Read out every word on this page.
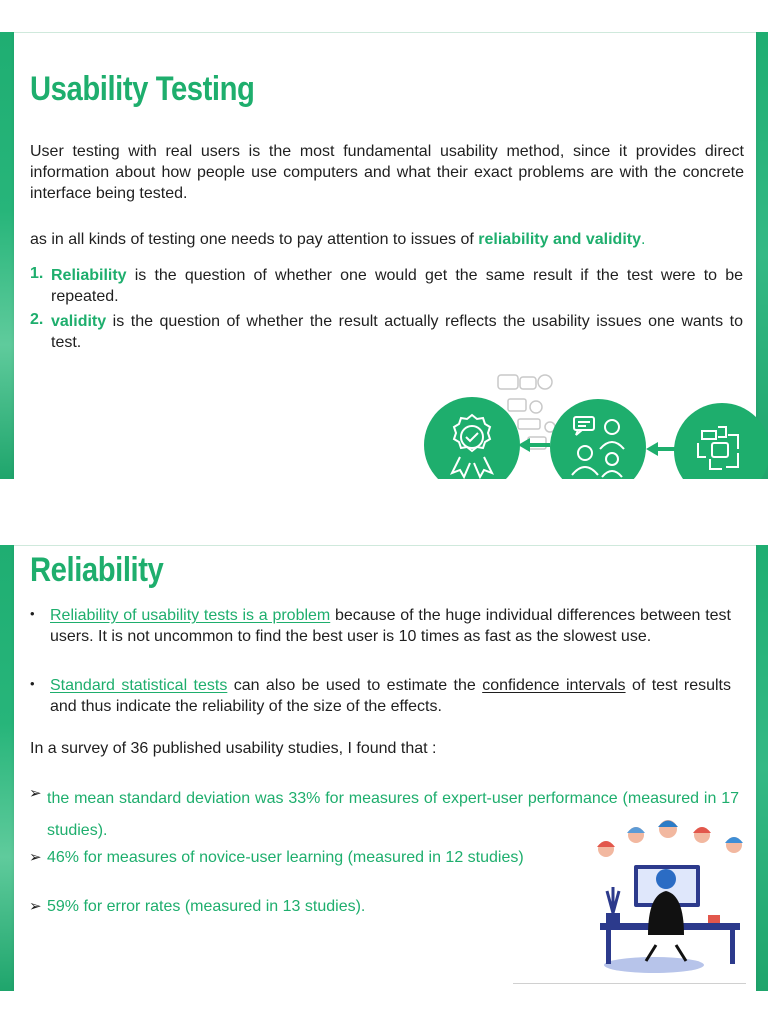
Usability Testing

User testing with real users is the most fundamental usability method, since it provides direct information about how people use computers and what their exact problems are with the concrete interface being tested.

as in all kinds of testing one needs to pay attention to issues of reliability and validity.

1. Reliability is the question of whether one would get the same result if the test were to be repeated.

2. validity is the question of whether the result actually reflects the usability issues one wants to test.

Reliability
• Reliability of usability tests is a problem because of the huge individual differences between test users. It is not uncommon to find the best user is 10 times as fast as the slowest use.

• Standard statistical tests can also be used to estimate the confidence intervals of test results and thus indicate the reliability of the size of the effects.

In a survey of 36 published usability studies, I found that :

➢ the mean standard deviation was 33% for measures of expert-user performance (measured in 17 studies).

➢ 46% for measures of novice-user learning (measured in 12 studies)

➢ 59% for error rates (measured in 13 studies).
